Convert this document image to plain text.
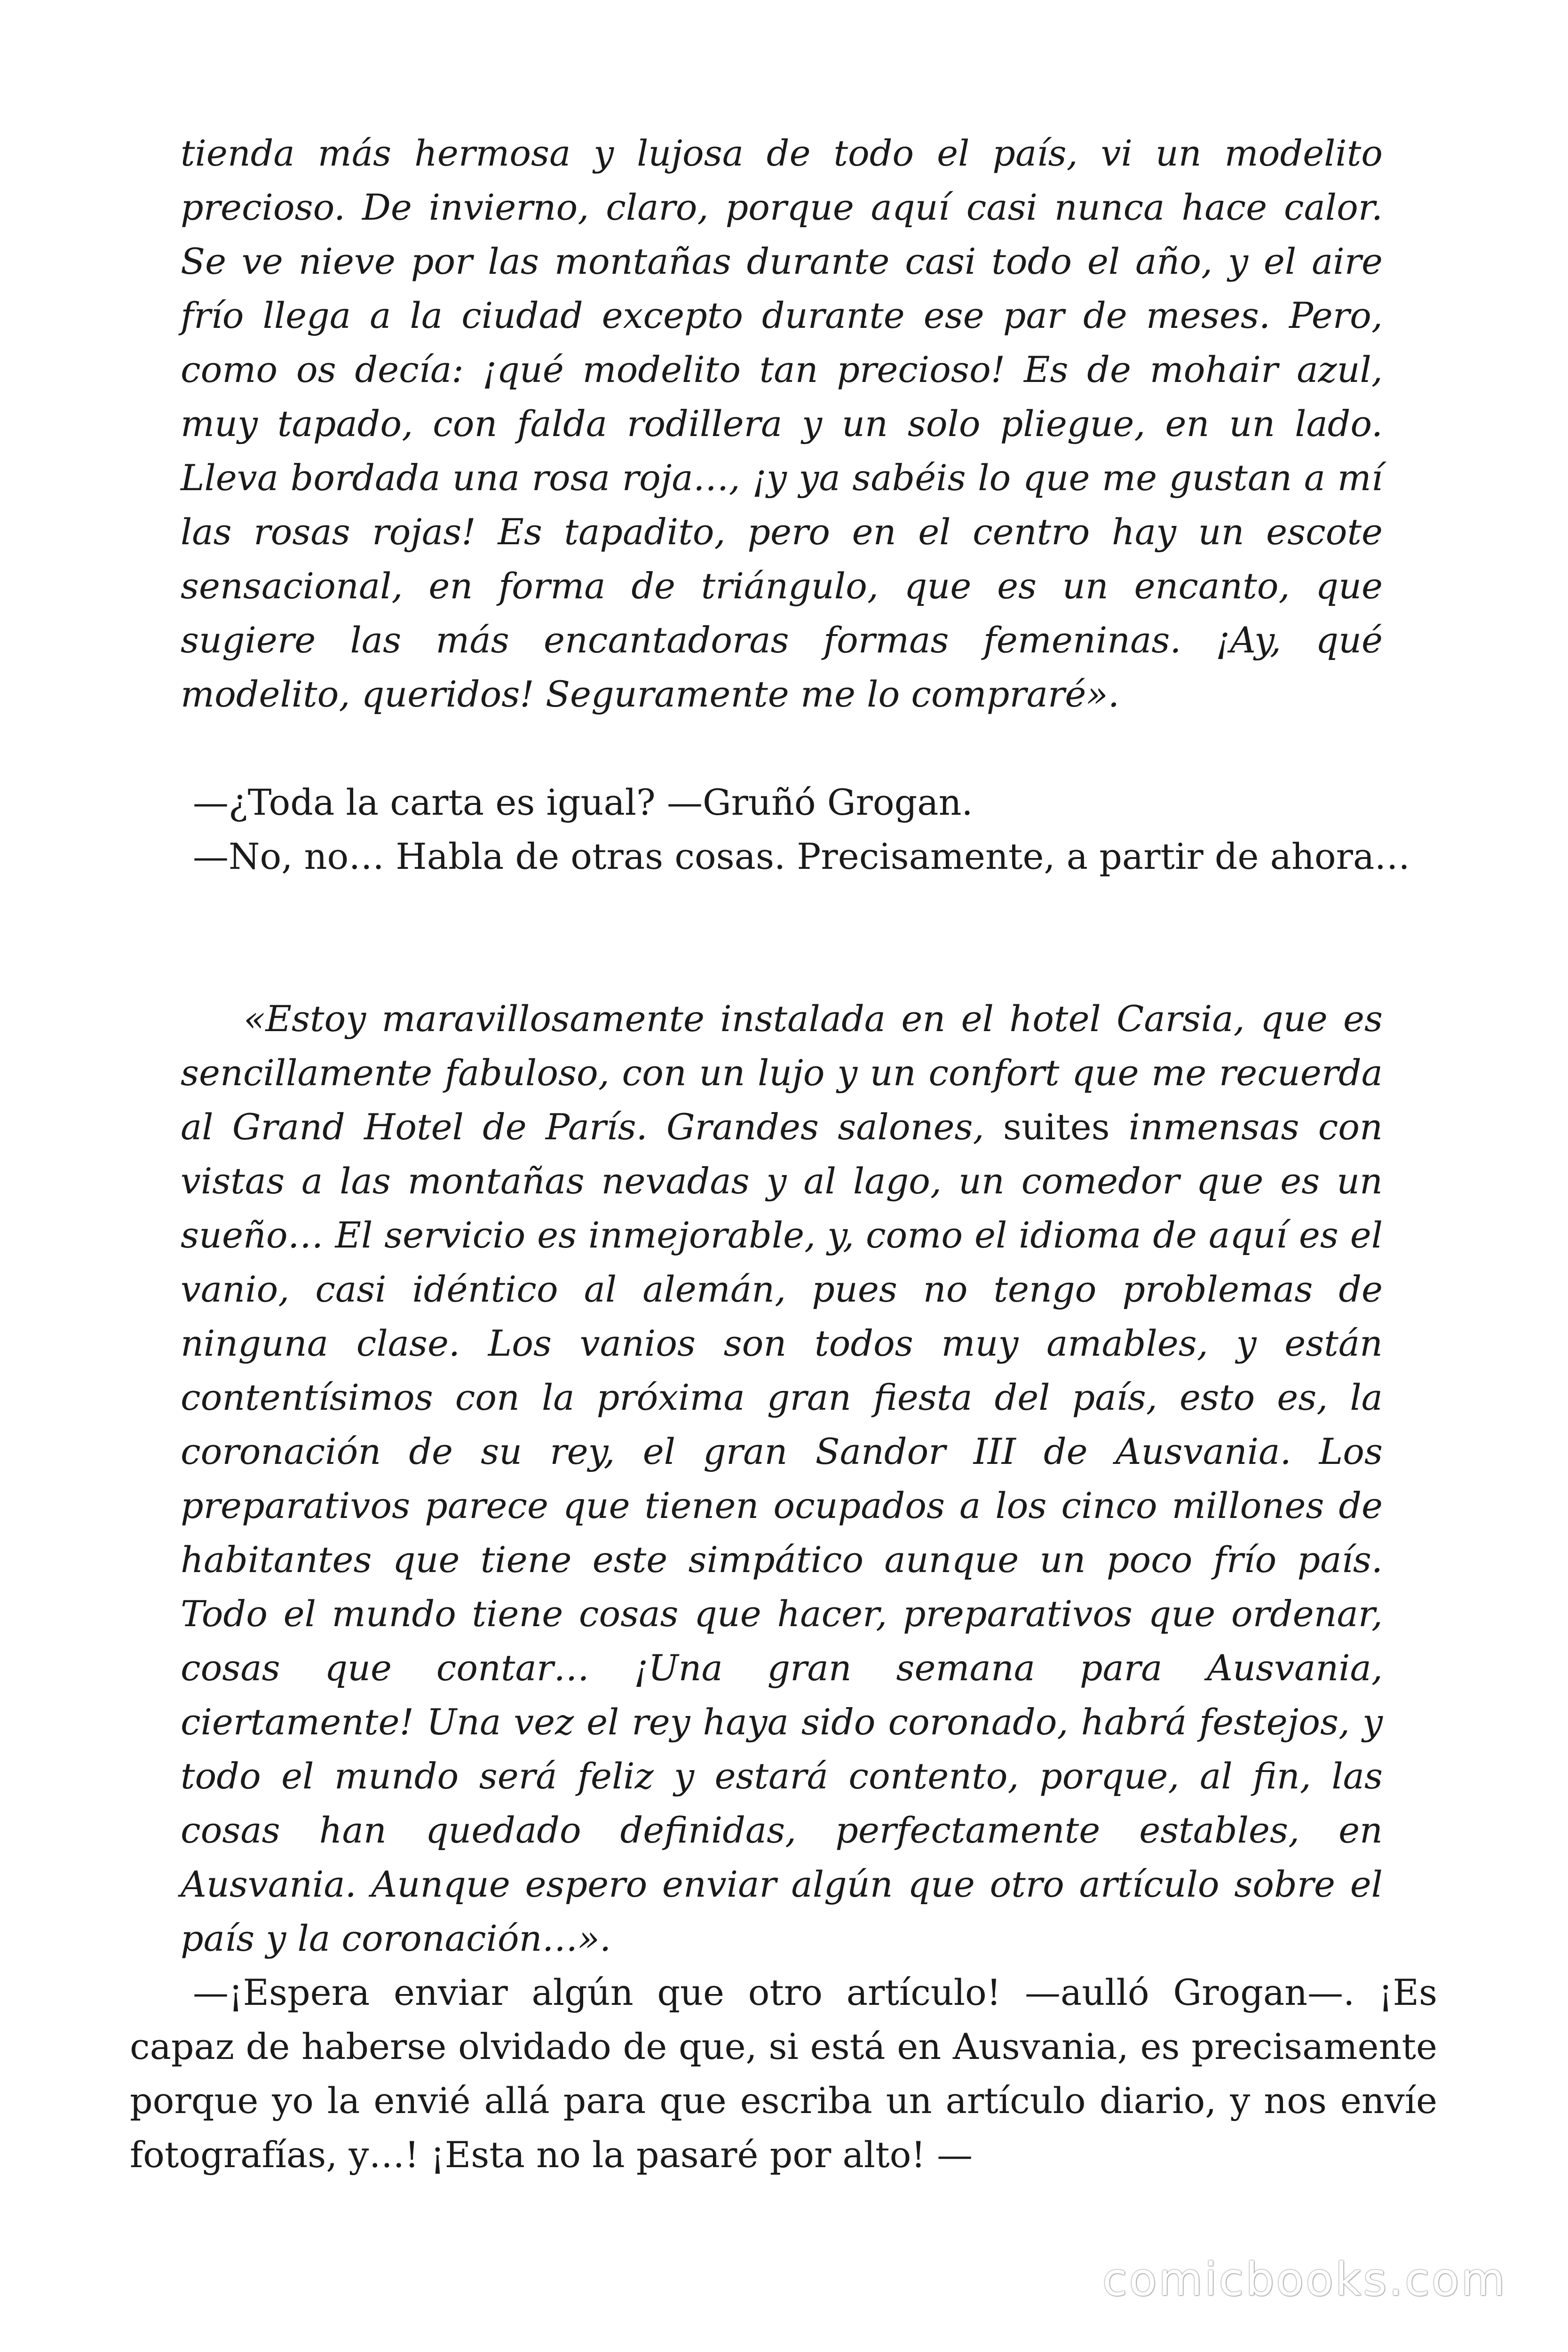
tienda más hermosa y lujosa de todo el país, vi un modelito precioso. De invierno, claro, porque aquí casi nunca hace calor. Se ve nieve por las montañas durante casi todo el año, y el aire frío llega a la ciudad excepto durante ese par de meses. Pero, como os decía: ¡qué modelito tan precioso! Es de mohair azul, muy tapado, con falda rodillera y un solo pliegue, en un lado. Lleva bordada una rosa roja…, ¡y ya sabéis lo que me gustan a mí las rosas rojas! Es tapadito, pero en el centro hay un escote sensacional, en forma de triángulo, que es un encanto, que sugiere las más encantadoras formas femeninas. ¡Ay, qué modelito, queridos! Seguramente me lo compraré».

—¿Toda la carta es igual? —Gruñó Grogan.

—No, no… Habla de otras cosas. Precisamente, a partir de ahora…

«Estoy maravillosamente instalada en el hotel Carsia, que es sencillamente fabuloso, con un lujo y un confort que me recuerda al Grand Hotel de París. Grandes salones, suites inmensas con vistas a las montañas nevadas y al lago, un comedor que es un sueño… El servicio es inmejorable, y, como el idioma de aquí es el vanio, casi idéntico al alemán, pues no tengo problemas de ninguna clase. Los vanios son todos muy amables, y están contentísimos con la próxima gran fiesta del país, esto es, la coronación de su rey, el gran Sandor III de Ausvania. Los preparativos parece que tienen ocupados a los cinco millones de habitantes que tiene este simpático aunque un poco frío país. Todo el mundo tiene cosas que hacer, preparativos que ordenar, cosas que contar… ¡Una gran semana para Ausvania, ciertamente! Una vez el rey haya sido coronado, habrá festejos, y todo el mundo será feliz y estará contento, porque, al fin, las cosas han quedado definidas, perfectamente estables, en Ausvania. Aunque espero enviar algún que otro artículo sobre el país y la coronación…».

—¡Espera enviar algún que otro artículo! —aulló Grogan—. ¡Es capaz de haberse olvidado de que, si está en Ausvania, es precisamente porque yo la envié allá para que escriba un artículo diario, y nos envíe fotografías, y…! ¡Esta no la pasaré por alto! —

comicbooks.com
